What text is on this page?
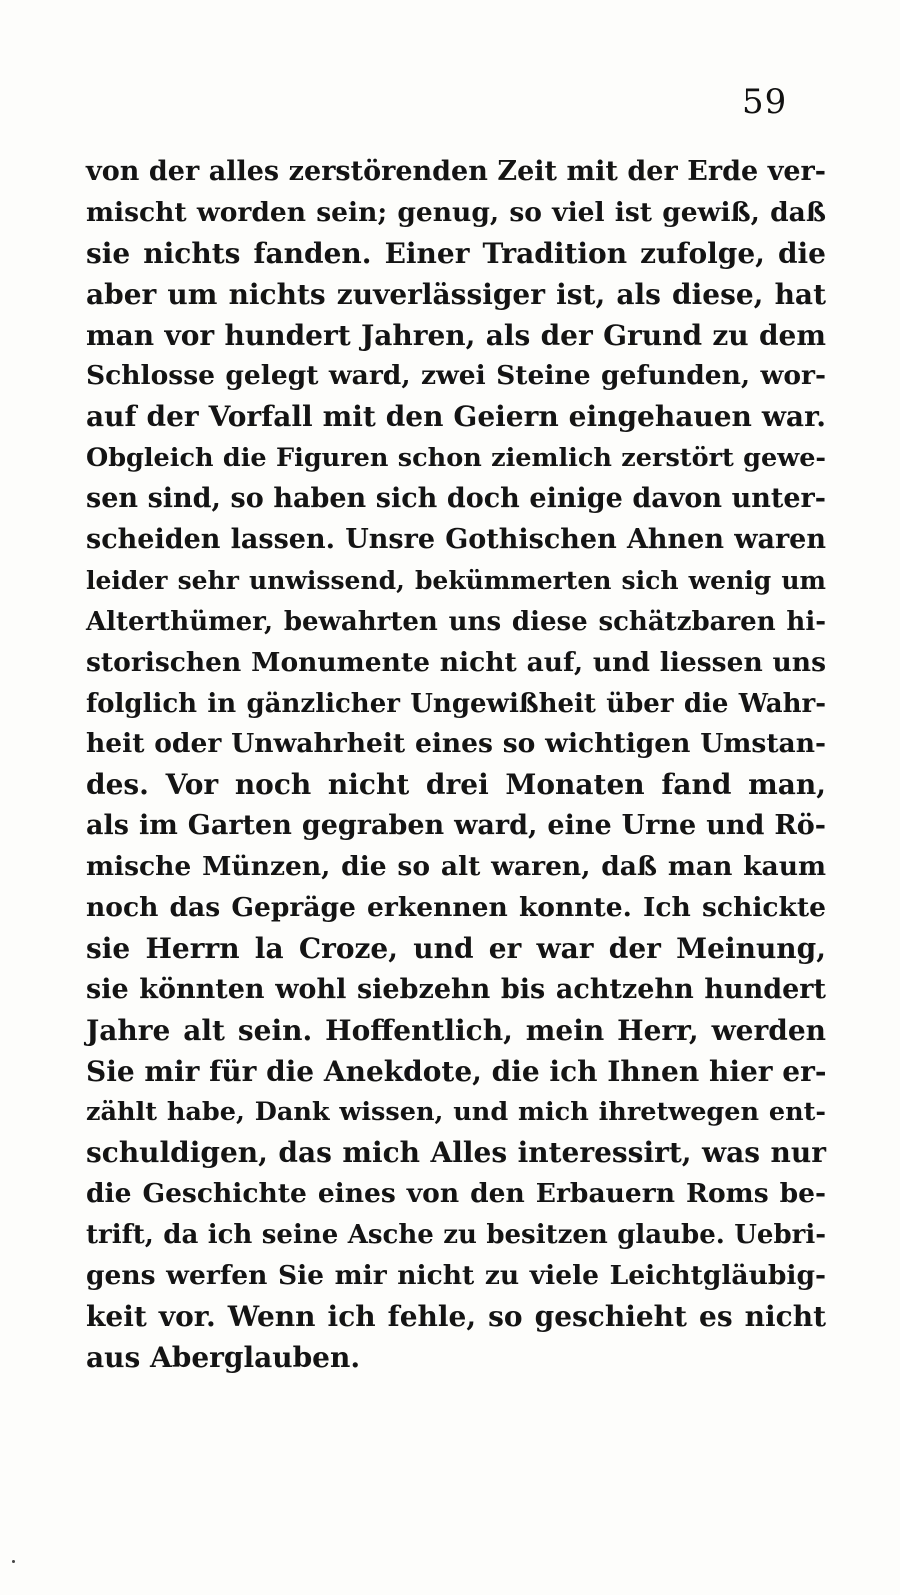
59
von der alles zerstörenden Zeit mit der Erde ver-
mischt worden sein; genug, so viel ist gewiß, daß
sie nichts fanden. Einer Tradition zufolge, die
aber um nichts zuverlässiger ist, als diese, hat
man vor hundert Jahren, als der Grund zu dem
Schlosse gelegt ward, zwei Steine gefunden, wor-
auf der Vorfall mit den Geiern eingehauen war.
Obgleich die Figuren schon ziemlich zerstört gewe-
sen sind, so haben sich doch einige davon unter-
scheiden lassen. Unsre Gothischen Ahnen waren
leider sehr unwissend, bekümmerten sich wenig um
Alterthümer, bewahrten uns diese schätzbaren hi-
storischen Monumente nicht auf, und liessen uns
folglich in gänzlicher Ungewißheit über die Wahr-
heit oder Unwahrheit eines so wichtigen Umstan-
des. Vor noch nicht drei Monaten fand man,
als im Garten gegraben ward, eine Urne und Rö-
mische Münzen, die so alt waren, daß man kaum
noch das Gepräge erkennen konnte. Ich schickte
sie Herrn la Croze, und er war der Meinung,
sie könnten wohl siebzehn bis achtzehn hundert
Jahre alt sein. Hoffentlich, mein Herr, werden
Sie mir für die Anekdote, die ich Ihnen hier er-
zählt habe, Dank wissen, und mich ihretwegen ent-
schuldigen, das mich Alles interessirt, was nur
die Geschichte eines von den Erbauern Roms be-
trift, da ich seine Asche zu besitzen glaube. Uebri-
gens werfen Sie mir nicht zu viele Leichtgläubig-
keit vor. Wenn ich fehle, so geschieht es nicht
aus Aberglauben.
